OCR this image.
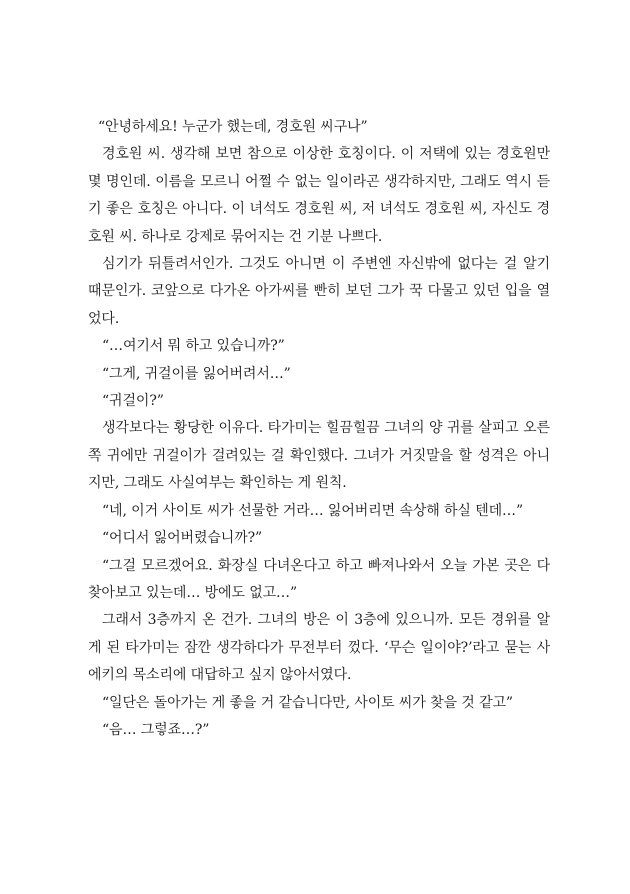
“안녕하세요! 누군가 했는데, 경호원 씨구나”

경호원 씨. 생각해 보면 참으로 이상한 호칭이다. 이 저택에 있는 경호원만 몇 명인데. 이름을 모르니 어쩔 수 없는 일이라곤 생각하지만, 그래도 역시 듣기 좋은 호칭은 아니다. 이 녀석도 경호원 씨, 저 녀석도 경호원 씨, 자신도 경호원 씨. 하나로 강제로 묶어지는 건 기분 나쁘다.

심기가 뒤틀려서인가. 그것도 아니면 이 주변엔 자신밖에 없다는 걸 알기 때문인가. 코앞으로 다가온 아가씨를 빤히 보던 그가 꾹 다물고 있던 입을 열었다.

“…여기서 뭐 하고 있습니까?”

“그게, 귀걸이를 잃어버려서…”

“귀걸이?”

생각보다는 황당한 이유다. 타가미는 힐끔힐끔 그녀의 양 귀를 살피고 오른쪽 귀에만 귀걸이가 걸려있는 걸 확인했다. 그녀가 거짓말을 할 성격은 아니지만, 그래도 사실여부는 확인하는 게 원칙.

“네, 이거 사이토 씨가 선물한 거라… 잃어버리면 속상해 하실 텐데…”

“어디서 잃어버렸습니까?”

“그걸 모르겠어요. 화장실 다녀온다고 하고 빠져나와서 오늘 가본 곳은 다 찾아보고 있는데… 방에도 없고…”

그래서 3층까지 온 건가. 그녀의 방은 이 3층에 있으니까. 모든 경위를 알게 된 타가미는 잠깐 생각하다가 무전부터 껐다. ‘무슨 일이야?’라고 묻는 사에키의 목소리에 대답하고 싶지 않아서였다.

“일단은 돌아가는 게 좋을 거 같습니다만, 사이토 씨가 찾을 것 같고”

“음… 그렇죠…?”
